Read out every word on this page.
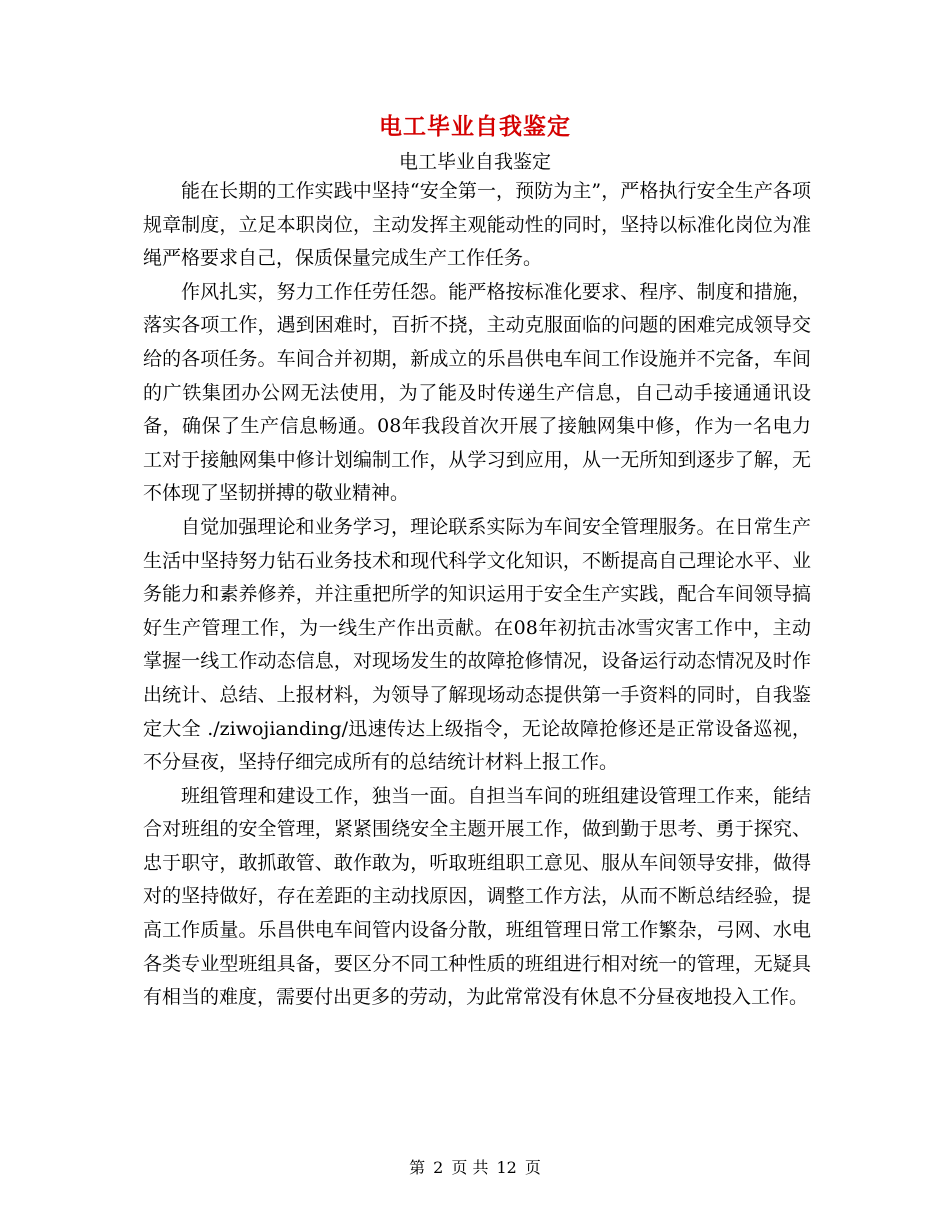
电工毕业自我鉴定
电工毕业自我鉴定

能在长期的工作实践中坚持“安全第一，预防为主”，严格执行安全生产各项规章制度，立足本职岗位，主动发挥主观能动性的同时，坚持以标准化岗位为准绳严格要求自己，保质保量完成生产工作任务。

作风扎实，努力工作任劳任怨。能严格按标准化要求、程序、制度和措施，落实各项工作，遇到困难时，百折不挠，主动克服面临的问题的困难完成领导交给的各项任务。车间合并初期，新成立的乐昌供电车间工作设施并不完备，车间的广铁集团办公网无法使用，为了能及时传递生产信息，自己动手接通通讯设备，确保了生产信息畅通。08年我段首次开展了接触网集中修，作为一名电力工对于接触网集中修计划编制工作，从学习到应用，从一无所知到逐步了解，无不体现了坚韧拼搏的敬业精神。

自觉加强理论和业务学习，理论联系实际为车间安全管理服务。在日常生产生活中坚持努力钻石业务技术和现代科学文化知识，不断提高自己理论水平、业务能力和素养修养，并注重把所学的知识运用于安全生产实践，配合车间领导搞好生产管理工作，为一线生产作出贡献。在08年初抗击冰雪灾害工作中，主动掌握一线工作动态信息，对现场发生的故障抢修情况，设备运行动态情况及时作出统计、总结、上报材料，为领导了解现场动态提供第一手资料的同时，自我鉴定大全 ./ziwojianding/迅速传达上级指令，无论故障抢修还是正常设备巡视，不分昼夜，坚持仔细完成所有的总结统计材料上报工作。

班组管理和建设工作，独当一面。自担当车间的班组建设管理工作来，能结合对班组的安全管理，紧紧围绕安全主题开展工作，做到勤于思考、勇于探究、忠于职守，敢抓敢管、敢作敢为，听取班组职工意见、服从车间领导安排，做得对的坚持做好，存在差距的主动找原因，调整工作方法，从而不断总结经验，提高工作质量。乐昌供电车间管内设备分散，班组管理日常工作繁杂，弓网、水电各类专业型班组具备，要区分不同工种性质的班组进行相对统一的管理，无疑具有相当的难度，需要付出更多的劳动，为此常常没有休息不分昼夜地投入工作。

第 2 页 共 12 页
